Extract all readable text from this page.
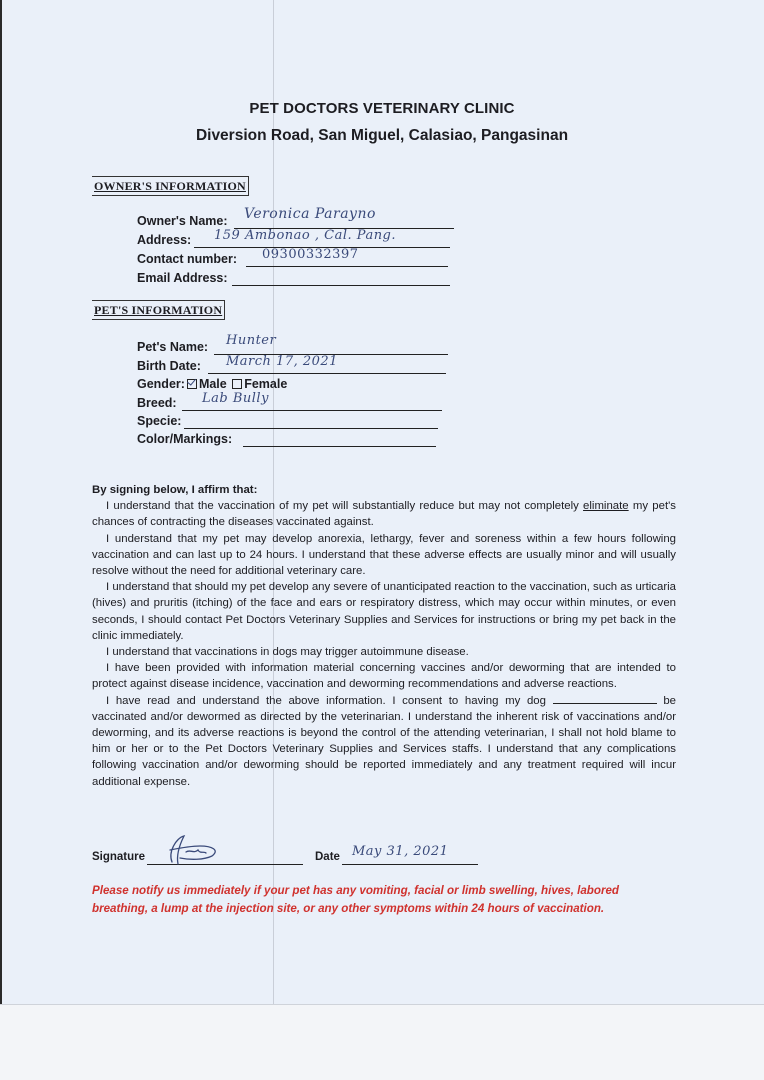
PET DOCTORS VETERINARY CLINIC
Diversion Road, San Miguel, Calasiao, Pangasinan
OWNER'S INFORMATION
Owner's Name: Veronica Parayno
Address: 159 Ambonao , Cal. Pang.
Contact number: 09300332397
Email Address:
PET'S INFORMATION
Pet's Name: Hunter
Birth Date: March 17, 2021
Gender: Male Female
Breed: Lab Bully
Specie:
Color/Markings:
By signing below, I affirm that:

I understand that the vaccination of my pet will substantially reduce but may not completely eliminate my pet's chances of contracting the diseases vaccinated against.

I understand that my pet may develop anorexia, lethargy, fever and soreness within a few hours following vaccination and can last up to 24 hours. I understand that these adverse effects are usually minor and will usually resolve without the need for additional veterinary care.

I understand that should my pet develop any severe of unanticipated reaction to the vaccination, such as urticaria (hives) and pruritis (itching) of the face and ears or respiratory distress, which may occur within minutes, or even seconds, I should contact Pet Doctors Veterinary Supplies and Services for instructions or bring my pet back in the clinic immediately.

I understand that vaccinations in dogs may trigger autoimmune disease.

I have been provided with information material concerning vaccines and/or deworming that are intended to protect against disease incidence, vaccination and deworming recommendations and adverse reactions.

I have read and understand the above information. I consent to having my dog	be vaccinated and/or dewormed as directed by the veterinarian. I understand the inherent risk of vaccinations and/or deworming, and its adverse reactions is beyond the control of the attending veterinarian, I shall not hold blame to him or her or to the Pet Doctors Veterinary Supplies and Services staffs. I understand that any complications following vaccination and/or deworming should be reported immediately and any treatment required will incur additional expense.

Signature	Date May 31, 2021
Please notify us immediately if your pet has any vomiting, facial or limb swelling, hives, labored breathing, a lump at the injection site, or any other symptoms within 24 hours of vaccination.
